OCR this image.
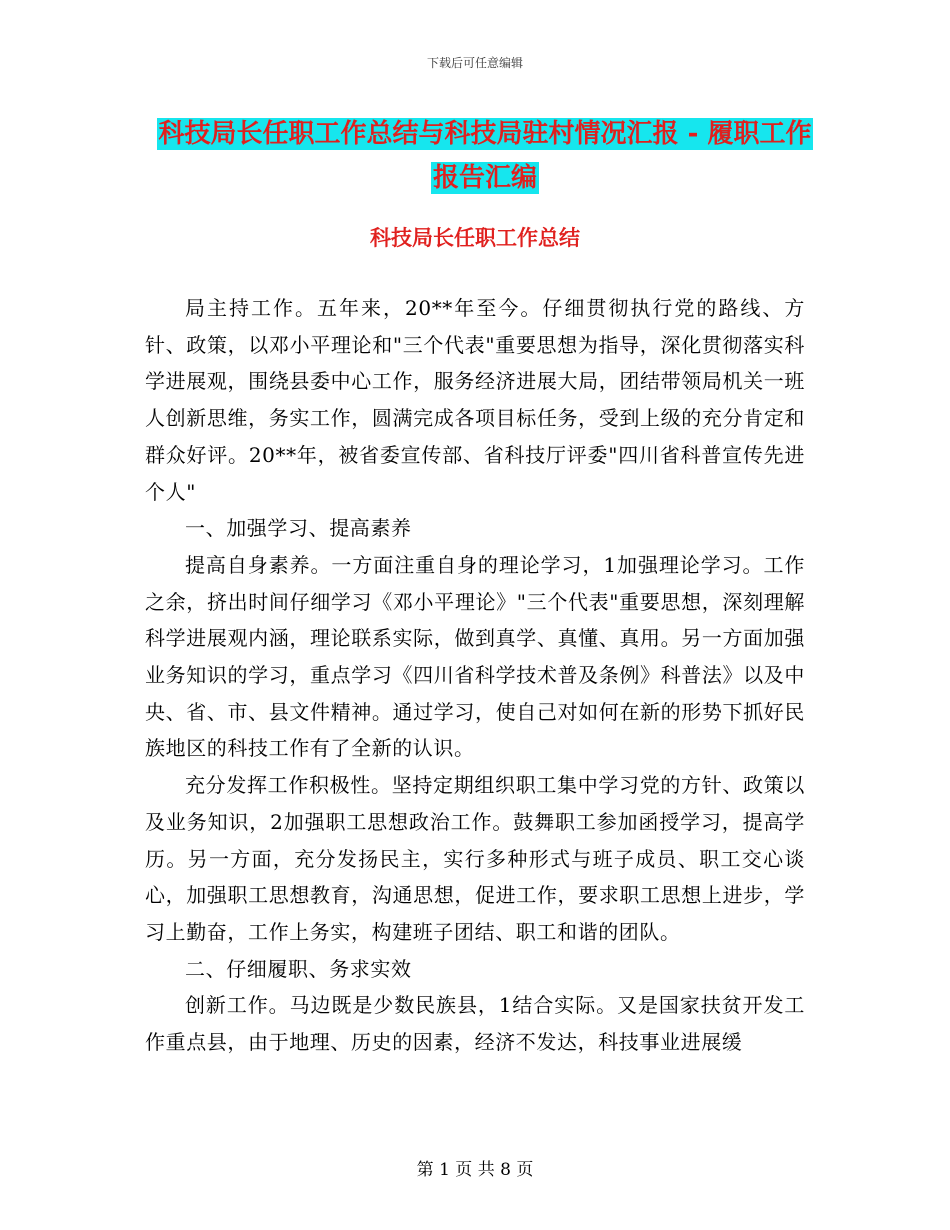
下载后可任意编辑
科技局长任职工作总结与科技局驻村情况汇报 - 履职工作报告汇编
科技局长任职工作总结

局主持工作。五年来，20**年至今。仔细贯彻执行党的路线、方针、政策，以邓小平理论和"三个代表"重要思想为指导，深化贯彻落实科学进展观，围绕县委中心工作，服务经济进展大局，团结带领局机关一班人创新思维，务实工作，圆满完成各项目标任务，受到上级的充分肯定和群众好评。20**年，被省委宣传部、省科技厅评委"四川省科普宣传先进个人"

一、加强学习、提高素养

提高自身素养。一方面注重自身的理论学习，1加强理论学习。工作之余，挤出时间仔细学习《邓小平理论》"三个代表"重要思想，深刻理解科学进展观内涵，理论联系实际，做到真学、真懂、真用。另一方面加强业务知识的学习，重点学习《四川省科学技术普及条例》科普法》以及中央、省、市、县文件精神。通过学习，使自己对如何在新的形势下抓好民族地区的科技工作有了全新的认识。

充分发挥工作积极性。坚持定期组织职工集中学习党的方针、政策以及业务知识，2加强职工思想政治工作。鼓舞职工参加函授学习，提高学历。另一方面，充分发扬民主，实行多种形式与班子成员、职工交心谈心，加强职工思想教育，沟通思想，促进工作，要求职工思想上进步，学习上勤奋，工作上务实，构建班子团结、职工和谐的团队。

二、仔细履职、务求实效

创新工作。马边既是少数民族县，1结合实际。又是国家扶贫开发工作重点县，由于地理、历史的因素，经济不发达，科技事业进展缓

第 1 页 共 8 页
